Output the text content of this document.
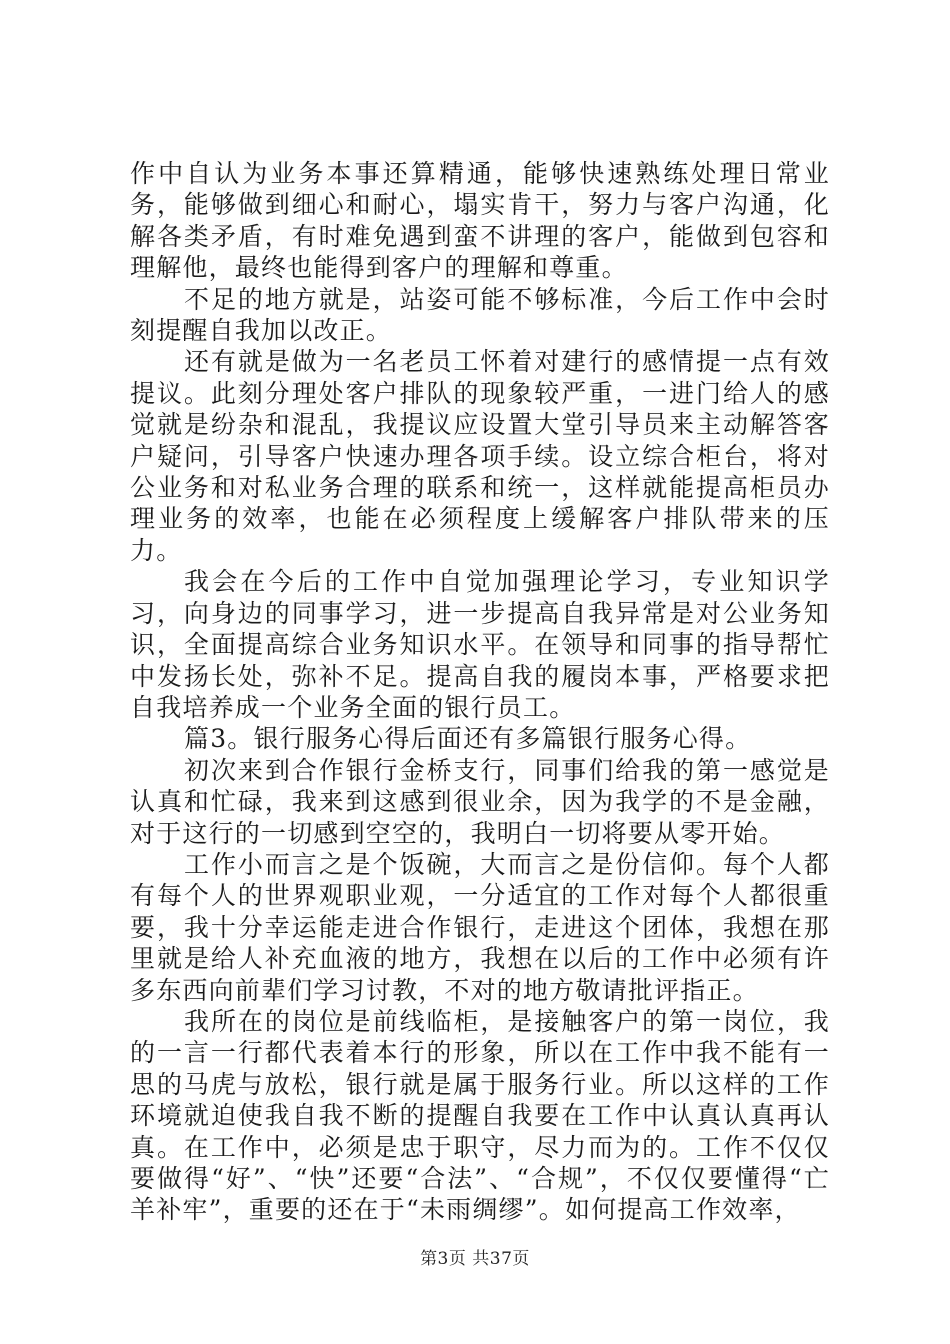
作中自认为业务本事还算精通，能够快速熟练处理日常业务，能够做到细心和耐心，塌实肯干，努力与客户沟通，化解各类矛盾，有时难免遇到蛮不讲理的客户，能做到包容和理解他，最终也能得到客户的理解和尊重。

不足的地方就是，站姿可能不够标准，今后工作中会时刻提醒自我加以改正。

还有就是做为一名老员工怀着对建行的感情提一点有效提议。此刻分理处客户排队的现象较严重，一进门给人的感觉就是纷杂和混乱，我提议应设置大堂引导员来主动解答客户疑问，引导客户快速办理各项手续。设立综合柜台，将对公业务和对私业务合理的联系和统一，这样就能提高柜员办理业务的效率，也能在必须程度上缓解客户排队带来的压力。

我会在今后的工作中自觉加强理论学习，专业知识学习，向身边的同事学习，进一步提高自我异常是对公业务知识，全面提高综合业务知识水平。在领导和同事的指导帮忙中发扬长处，弥补不足。提高自我的履岗本事，严格要求把自我培养成一个业务全面的银行员工。

篇3。银行服务心得后面还有多篇银行服务心得。

初次来到合作银行金桥支行，同事们给我的第一感觉是认真和忙碌，我来到这感到很业余，因为我学的不是金融，对于这行的一切感到空空的，我明白一切将要从零开始。

工作小而言之是个饭碗，大而言之是份信仰。每个人都有每个人的世界观职业观，一分适宜的工作对每个人都很重要，我十分幸运能走进合作银行，走进这个团体，我想在那里就是给人补充血液的地方，我想在以后的工作中必须有许多东西向前辈们学习讨教，不对的地方敬请批评指正。

我所在的岗位是前线临柜，是接触客户的第一岗位，我的一言一行都代表着本行的形象，所以在工作中我不能有一思的马虎与放松，银行就是属于服务行业。所以这样的工作环境就迫使我自我不断的提醒自我要在工作中认真认真再认真。在工作中，必须是忠于职守，尽力而为的。工作不仅仅要做得“好”、“快”还要“合法”、“合规”，不仅仅要懂得“亡羊补牢”，重要的还在于“未雨绸缪”。如何提高工作效率，

第3页 共37页
